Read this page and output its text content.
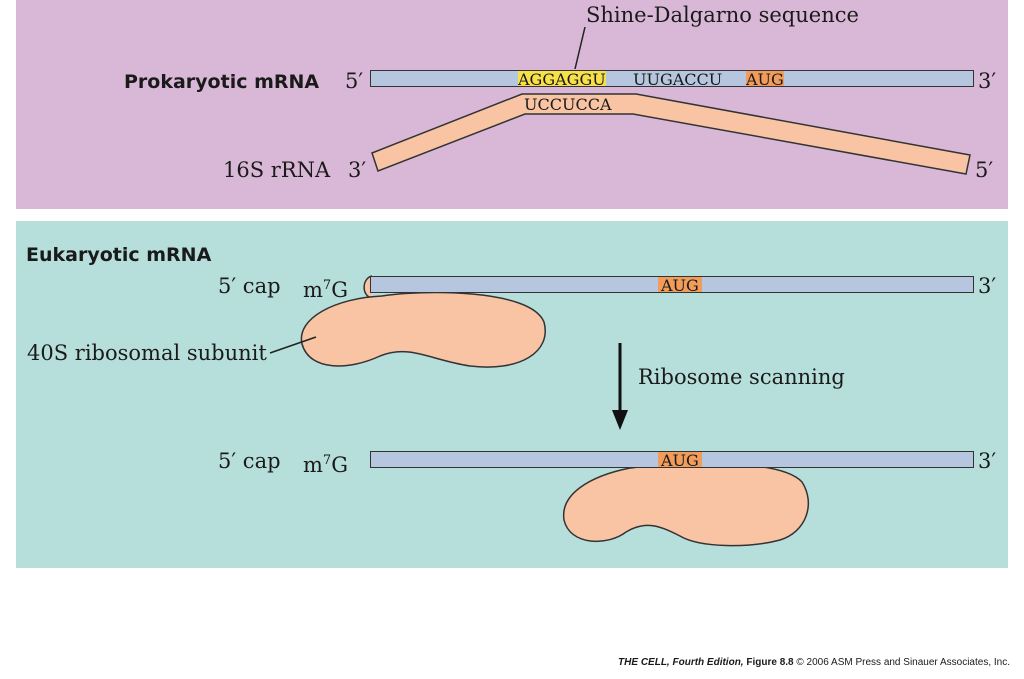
Shine-Dalgarno sequence
Prokaryotic mRNA 5′	AGGAGGU UUGACCU AUG	3′
UCCUCCA
16S rRNA 3′	5′
Eukaryotic mRNA
5′ cap $m^7G$	AUG	3′
40S ribosomal subunit
Ribosome scanning
5′ cap $m^7G$	AUG	3′
THE CELL, Fourth Edition, Figure 8.8 © 2006 ASM Press and Sinauer Associates, Inc.
